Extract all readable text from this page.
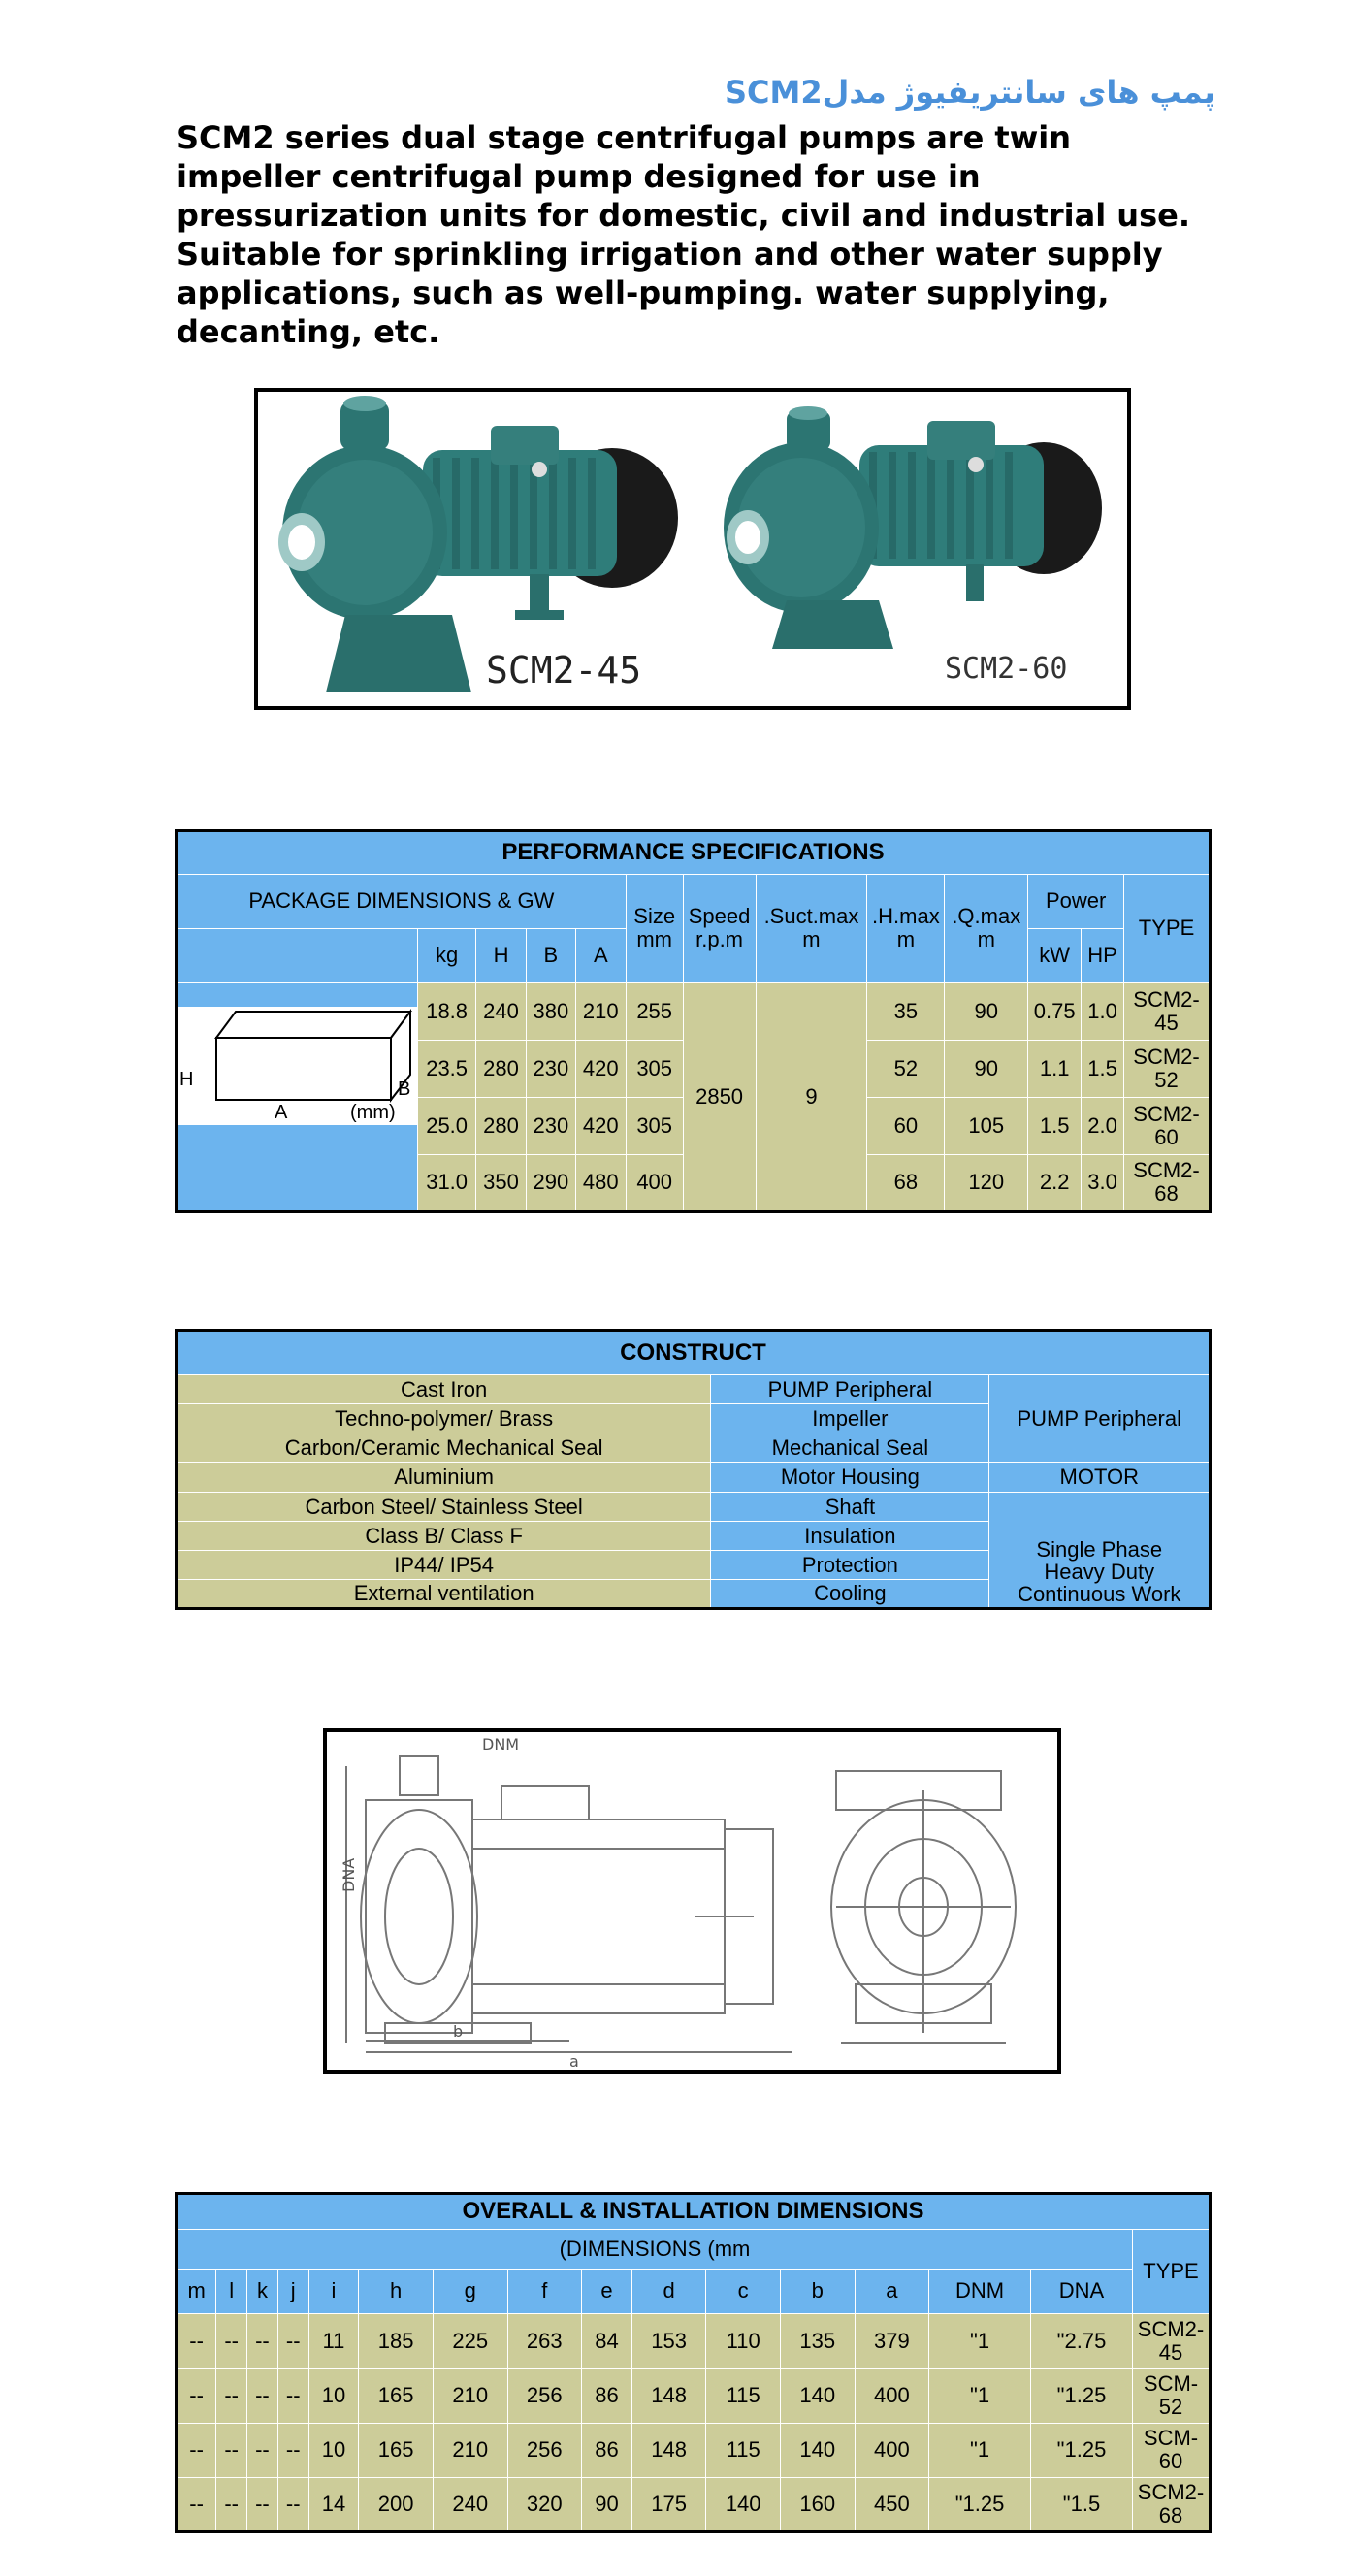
پمپ های سانتریفیوژ مدلSCM2
SCM2 series dual stage centrifugal pumps are twin impeller centrifugal pump designed for use in pressurization units for domestic, civil and industrial use. Suitable for sprinkling irrigation and other water supply applications, such as well-pumping. water supplying, decanting, etc.
SCM2-45	SCM2-60
PERFORMANCE SPECIFICATIONS												
PACKAGE DIMENSIONS & GW					Size mm	Speed r.p.m	.Suct.max m	.H.max m	.Q.max m	Power		TYPE
	kg	H	B	A						kW	HP	

H B
A (mm)	18.8	240	380	210	255	2850	9	35	90	0.75	1.0	SCM2-45
	23.5	280	230	420	305			52	90	1.1	1.5	SCM2-52
	25.0	280	230	420	305			60	105	1.5	2.0	SCM2-60
	31.0	350	290	480	400			68	120	2.2	3.0	SCM2-68
CONSTRUCT		
Cast Iron	PUMP Peripheral	PUMP Peripheral
Techno-polymer/ Brass	Impeller	
Carbon/Ceramic Mechanical Seal	Mechanical Seal	
Aluminium	Motor Housing	MOTOR
Carbon Steel/ Stainless Steel	Shaft	Single Phase
Heavy Duty
Continuous Work

Class B/ Class F	Insulation	
IP44/ IP54	Protection	
External ventilation	Cooling	
DNM
DNA
b
a
OVERALL & INSTALLATION DIMENSIONS															
(DIMENSIONS (mm															TYPE
m	l	k	j	i	h	g	f	e	d	c	b	a	DNM	DNA	
--	--	--	--	11	185	225	263	84	153	110	135	379	"1	"2.75	SCM2-45
--	--	--	--	10	165	210	256	86	148	115	140	400	"1	"1.25	SCM-52
--	--	--	--	10	165	210	256	86	148	115	140	400	"1	"1.25	SCM-60
--	--	--	--	14	200	240	320	90	175	140	160	450	"1.25	"1.5	SCM2-68
